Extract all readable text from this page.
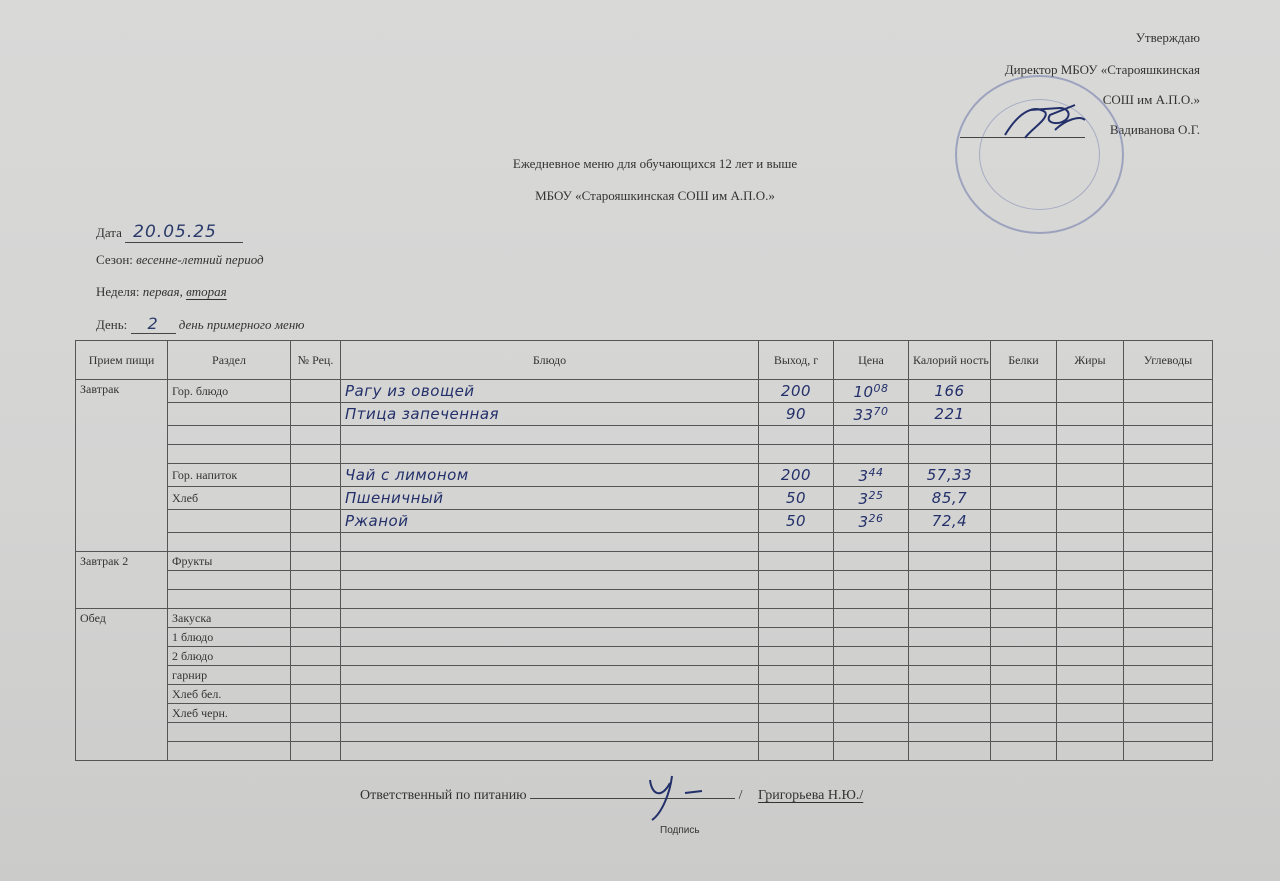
Утверждаю
Директор МБОУ «Старояшкинская
СОШ им А.П.О.»
Вадиванова О.Г.
Ежедневное меню для обучающихся 12 лет и выше
МБОУ «Старояшкинская СОШ им А.П.О.»
Дата 20.05.25
Сезон: весенне-летний период
Неделя: первая, вторая
День: 2 день примерного меню
Прием пищи	Раздел	№ Рец.	Блюдо	Выход, г	Цена	Калорий ность	Белки	Жиры	Углеводы
Завтрак	Гор. блюдо		Рагу из овощей	200	$10^{08}$	166			
			Птица запеченная	90	$33^{70}$	221			

	Гор. напиток		Чай с лимоном	200	$3^{44}$	57,33			
	Хлеб		Пшеничный	50	$3^{25}$	85,7			
			Ржаной	50	$3^{26}$	72,4			

Завтрак 2	Фрукты								

Обед	Закуска								
	1 блюдо								
	2 блюдо								
	гарнир								
	Хлеб бел.								
	Хлеб черн.								

Ответственный по питанию	/ Григорьева Н.Ю./
Подпись
